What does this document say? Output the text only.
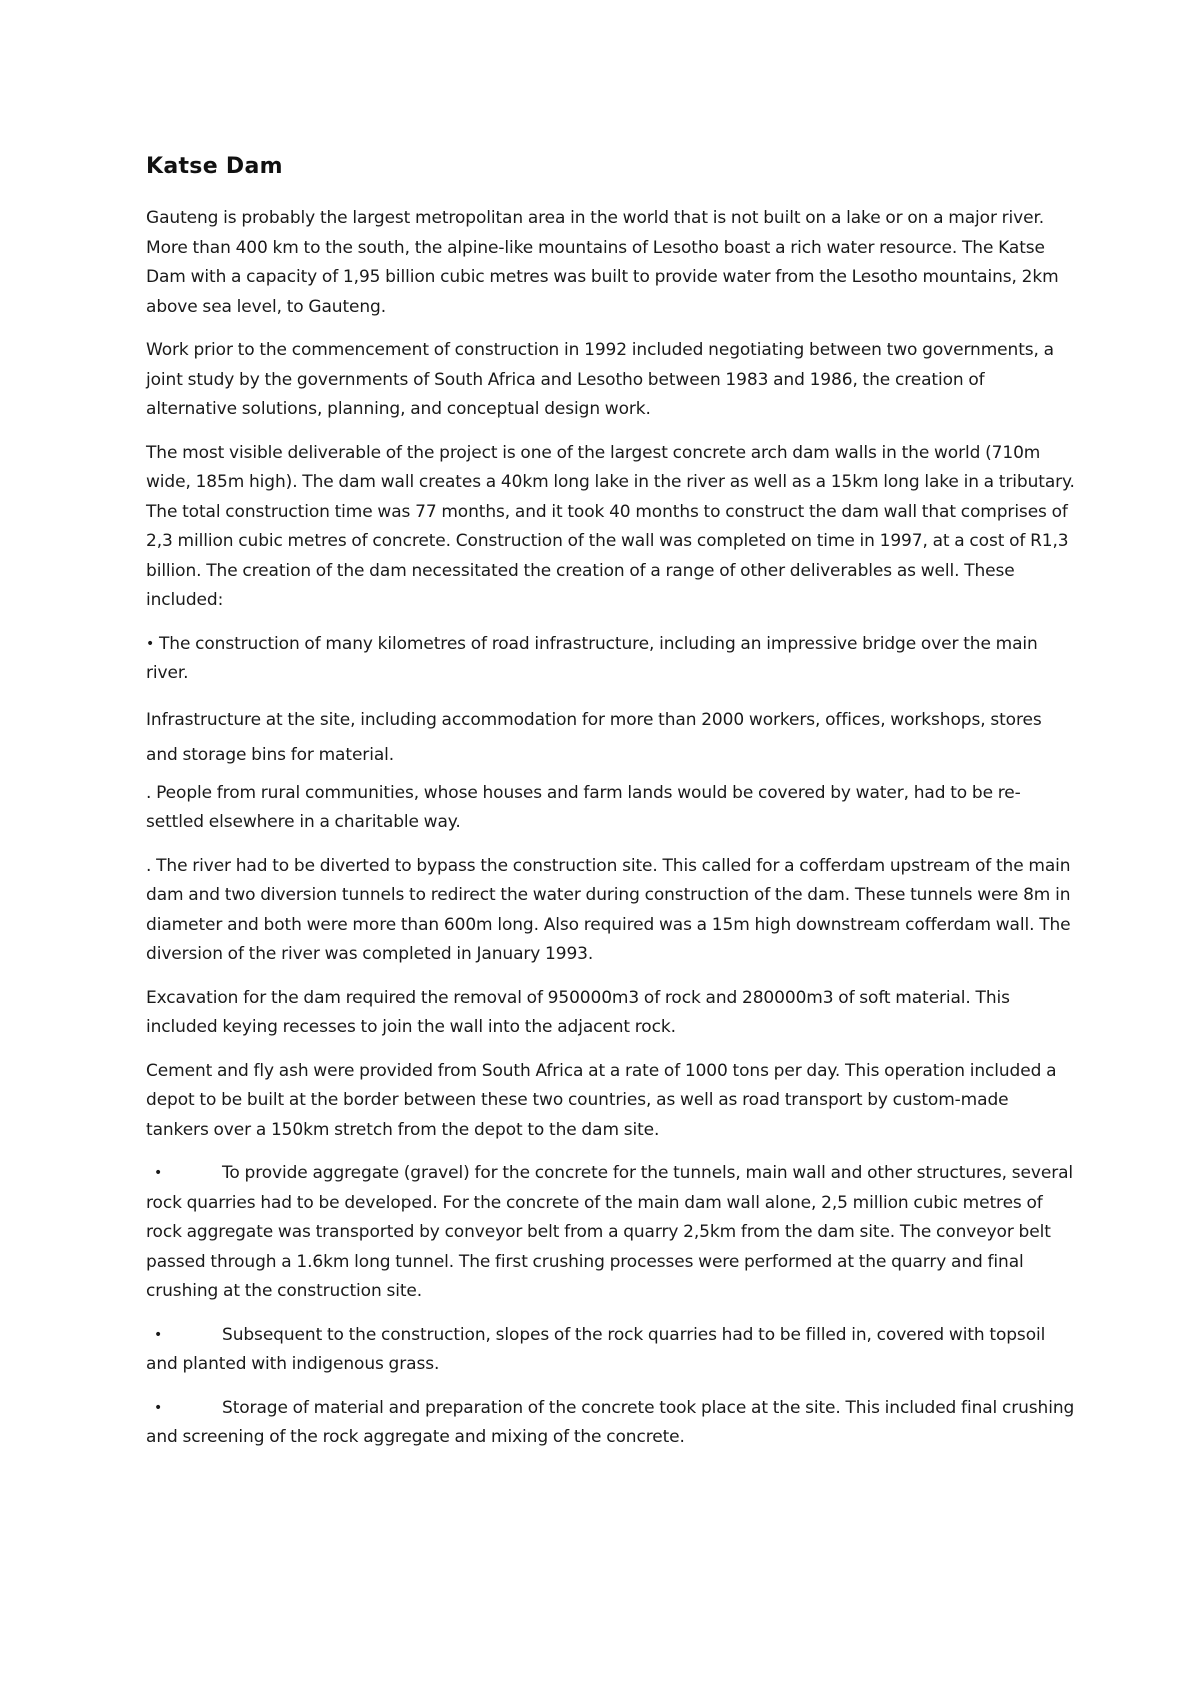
Katse Dam

Gauteng is probably the largest metropolitan area in the world that is not built on a lake or on a major river. More than 400 km to the south, the alpine-like mountains of Lesotho boast a rich water resource. The Katse Dam with a capacity of 1,95 billion cubic metres was built to provide water from the Lesotho mountains, 2km above sea level, to Gauteng.

Work prior to the commencement of construction in 1992 included negotiating between two governments, a joint study by the governments of South Africa and Lesotho between 1983 and 1986, the creation of alternative solutions, planning, and conceptual design work.

The most visible deliverable of the project is one of the largest concrete arch dam walls in the world (710m wide, 185m high). The dam wall creates a 40km long lake in the river as well as a 15km long lake in a tributary. The total construction time was 77 months, and it took 40 months to construct the dam wall that comprises of 2,3 million cubic metres of concrete. Construction of the wall was completed on time in 1997, at a cost of R1,3 billion. The creation of the dam necessitated the creation of a range of other deliverables as well. These included:

• The construction of many kilometres of road infrastructure, including an impressive bridge over the main river.

Infrastructure at the site, including accommodation for more than 2000 workers, offices, workshops, stores and storage bins for material.

. People from rural communities, whose houses and farm lands would be covered by water, had to be re-settled elsewhere in a charitable way.

. The river had to be diverted to bypass the construction site. This called for a cofferdam upstream of the main dam and two diversion tunnels to redirect the water during construction of the dam. These tunnels were 8m in diameter and both were more than 600m long. Also required was a 15m high downstream cofferdam wall. The diversion of the river was completed in January 1993.

Excavation for the dam required the removal of 950000m3 of rock and 280000m3 of soft material. This included keying recesses to join the wall into the adjacent rock.

Cement and fly ash were provided from South Africa at a rate of 1000 tons per day. This operation included a depot to be built at the border between these two countries, as well as road transport by custom-made tankers over a 150km stretch from the depot to the dam site.

•	To provide aggregate (gravel) for the concrete for the tunnels, main wall and other structures, several rock quarries had to be developed. For the concrete of the main dam wall alone, 2,5 million cubic metres of rock aggregate was transported by conveyor belt from a quarry 2,5km from the dam site. The conveyor belt passed through a 1.6km long tunnel. The first crushing processes were performed at the quarry and final crushing at the construction site.

•	Subsequent to the construction, slopes of the rock quarries had to be filled in, covered with topsoil and planted with indigenous grass.

•	Storage of material and preparation of the concrete took place at the site. This included final crushing and screening of the rock aggregate and mixing of the concrete.
